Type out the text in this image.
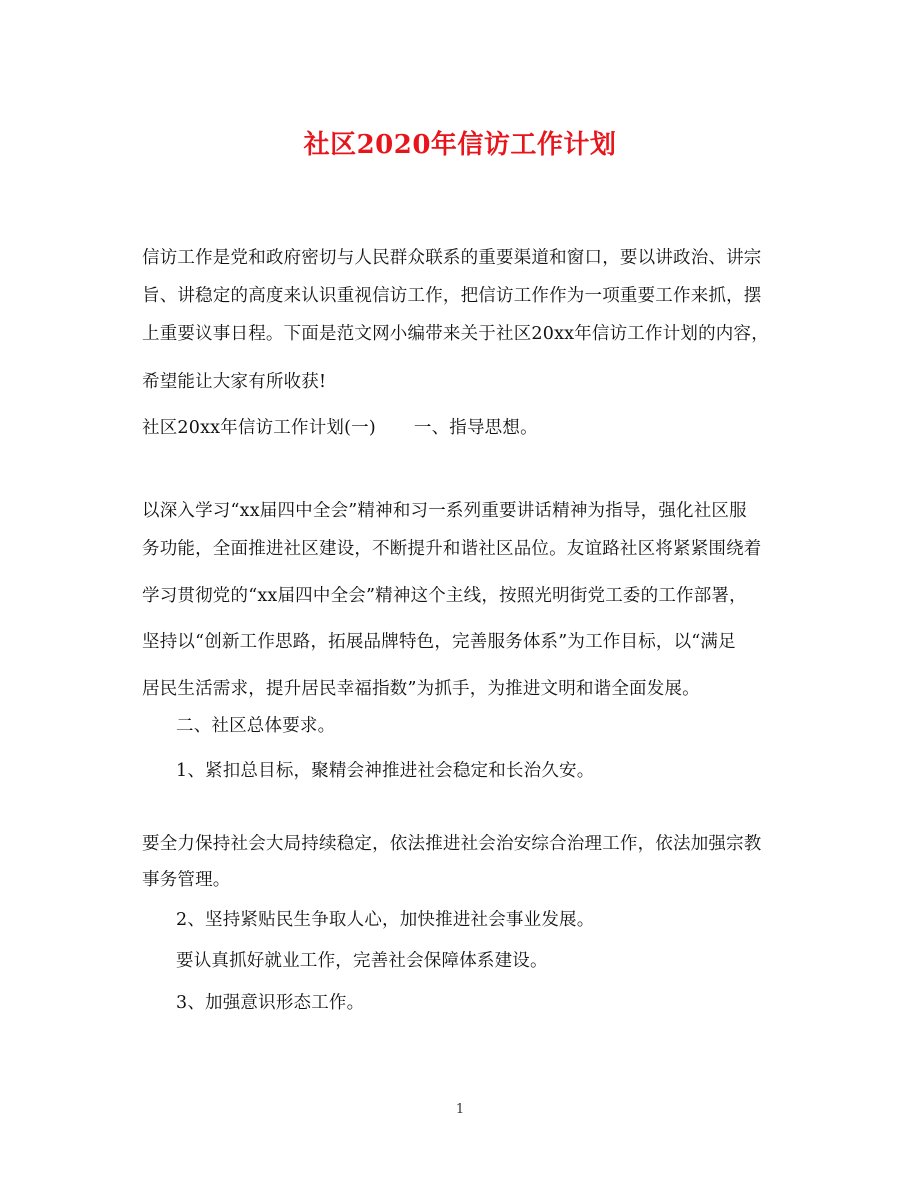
社区2020年信访工作计划
信访工作是党和政府密切与人民群众联系的重要渠道和窗口，要以讲政治、讲宗
旨、讲稳定的高度来认识重视信访工作，把信访工作作为一项重要工作来抓，摆
上重要议事日程。下面是范文网小编带来关于社区20xx年信访工作计划的内容，
希望能让大家有所收获!
社区20xx年信访工作计划(一) 一、指导思想。
以深入学习“xx届四中全会”精神和习一系列重要讲话精神为指导，强化社区服
务功能，全面推进社区建设，不断提升和谐社区品位。友谊路社区将紧紧围绕着
学习贯彻党的“xx届四中全会”精神这个主线，按照光明街党工委的工作部署，
坚持以“创新工作思路，拓展品牌特色，完善服务体系”为工作目标，以“满足
居民生活需求，提升居民幸福指数”为抓手，为推进文明和谐全面发展。
二、社区总体要求。
1、紧扣总目标，聚精会神推进社会稳定和长治久安。
要全力保持社会大局持续稳定，依法推进社会治安综合治理工作，依法加强宗教
事务管理。
2、坚持紧贴民生争取人心，加快推进社会事业发展。
要认真抓好就业工作，完善社会保障体系建设。
3、加强意识形态工作。
1
